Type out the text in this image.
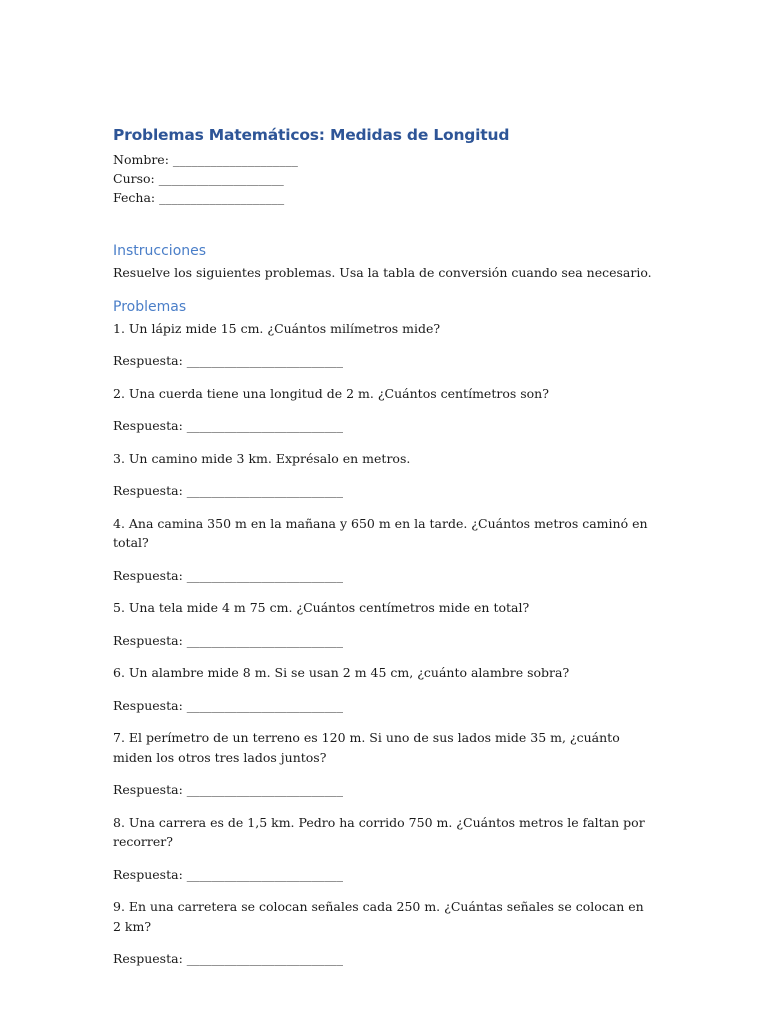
Problemas Matemáticos: Medidas de Longitud

Nombre: ____________________

Curso: ____________________

Fecha: ____________________

Instrucciones

Resuelve los siguientes problemas. Usa la tabla de conversión cuando sea necesario.

Problemas

1. Un lápiz mide 15 cm. ¿Cuántos milímetros mide?

Respuesta: _________________________

2. Una cuerda tiene una longitud de 2 m. ¿Cuántos centímetros son?

Respuesta: _________________________

3. Un camino mide 3 km. Exprésalo en metros.

Respuesta: _________________________

4. Ana camina 350 m en la mañana y 650 m en la tarde. ¿Cuántos metros caminó en total?

Respuesta: _________________________

5. Una tela mide 4 m 75 cm. ¿Cuántos centímetros mide en total?

Respuesta: _________________________

6. Un alambre mide 8 m. Si se usan 2 m 45 cm, ¿cuánto alambre sobra?

Respuesta: _________________________

7. El perímetro de un terreno es 120 m. Si uno de sus lados mide 35 m, ¿cuánto miden los otros tres lados juntos?

Respuesta: _________________________

8. Una carrera es de 1,5 km. Pedro ha corrido 750 m. ¿Cuántos metros le faltan por recorrer?

Respuesta: _________________________

9. En una carretera se colocan señales cada 250 m. ¿Cuántas señales se colocan en 2 km?

Respuesta: _________________________
